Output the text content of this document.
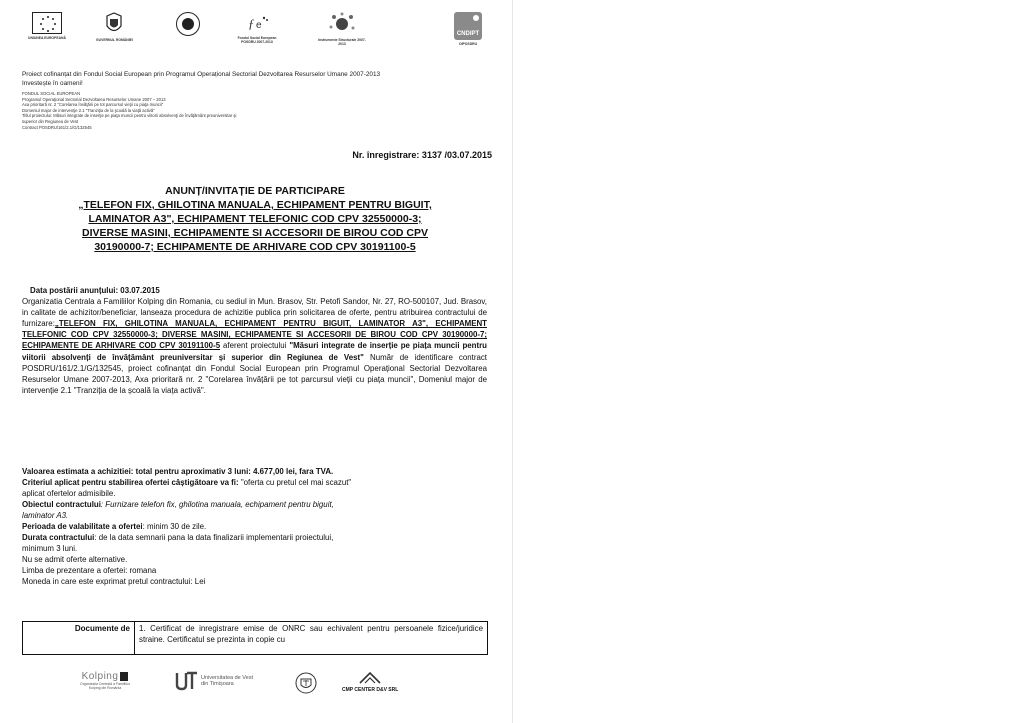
UNIUNEA EUROPEANĂ	GUVERNUL ROMÂNIEI
ƒ e
Fondul Social European POSDRU 2007-2013	Instrumente Structurale 2007-2013
CNDIPT
OIPOSDRU
Proiect cofinanțat din Fondul Social European prin Programul Operațional Sectorial Dezvoltarea Resurselor Umane 2007-2013
Investește în oameni!
FONDUL SOCIAL EUROPEAN
Programul Operaţional Sectorial Dezvoltarea Resurselor Umane 2007 – 2013
Axa prioritară nr. 2 "Corelarea învăţării pe tot parcursul vieţii cu piaţa muncii"
Domeniul major de intervenţie 2.1 "Tranziţia de la şcoală la viaţă activă"
Titlul proiectului: Măsuri integrate de inserţie pe piaţa muncii pentru viitorii absolvenţi de învăţământ preuniversitar şi
superior din Regiunea de Vest
Contract POSDRU/161/2.1/G/132545
Nr. înregistrare: 3137 /03.07.2015
ANUNȚ/INVITAȚIE DE PARTICIPARE
„TELEFON FIX, GHILOTINA MANUALA, ECHIPAMENT PENTRU BIGUIT,
LAMINATOR A3", ECHIPAMENT TELEFONIC COD CPV 32550000-3;
DIVERSE MASINI, ECHIPAMENTE SI ACCESORII DE BIROU COD CPV
30190000-7; ECHIPAMENTE DE ARHIVARE COD CPV 30191100-5
Data postării anunțului: 03.07.2015
Organizatia Centrala a Familiilor Kolping din Romania, cu sediul in Mun. Brasov, Str. Petofi Sandor, Nr. 27, RO-500107, Jud. Brasov, in calitate de achizitor/beneficiar, lanseaza procedura de achizitie publica prin solicitarea de oferte, pentru atribuirea contractului de furnizare:„TELEFON FIX, GHILOTINA MANUALA, ECHIPAMENT PENTRU BIGUIT, LAMINATOR A3", ECHIPAMENT TELEFONIC COD CPV 32550000-3; DIVERSE MASINI, ECHIPAMENTE SI ACCESORII DE BIROU COD CPV 30190000-7; ECHIPAMENTE DE ARHIVARE COD CPV 30191100-5 aferent proiectului "Măsuri integrate de inserție pe piața muncii pentru viitorii absolvenți de învățământ preuniversitar și superior din Regiunea de Vest" Număr de identificare contract POSDRU/161/2.1/G/132545, proiect cofinanțat din Fondul Social European prin Programul Operațional Sectorial Dezvoltarea Resurselor Umane 2007-2013, Axa prioritară nr. 2 "Corelarea învățării pe tot parcursul vieții cu piața muncii", Domeniul major de intervenție 2.1 "Tranziția de la școală la viața activă".
Valoarea estimata a achizitiei: total pentru aproximativ 3 luni: 4.677,00 lei, fara TVA.
Criteriul aplicat pentru stabilirea ofertei câștigătoare va fi: "oferta cu pretul cel mai scazut"
aplicat ofertelor admisibile.
Obiectul contractului: Furnizare telefon fix, ghilotina manuala, echipament pentru biguit,
laminator A3.
Perioada de valabilitate a ofertei: minim 30 de zile.
Durata contractului: de la data semnarii pana la data finalizarii implementarii proiectului,
minimum 3 luni.
Nu se admit oferte alternative.
Limba de prezentare a ofertei: romana
Moneda in care este exprimat pretul contractului: Lei
Documente de	1. Certificat de inregistrare emise de ONRC sau echivalent pentru persoanele fizice/juridice straine. Certificatul se prezinta in copie cu
Kolping
Organizația Centrală a Familiilor
Kolping din România
Universitatea de Vest
din Timișoara
CMP CENTER D&V SRL
